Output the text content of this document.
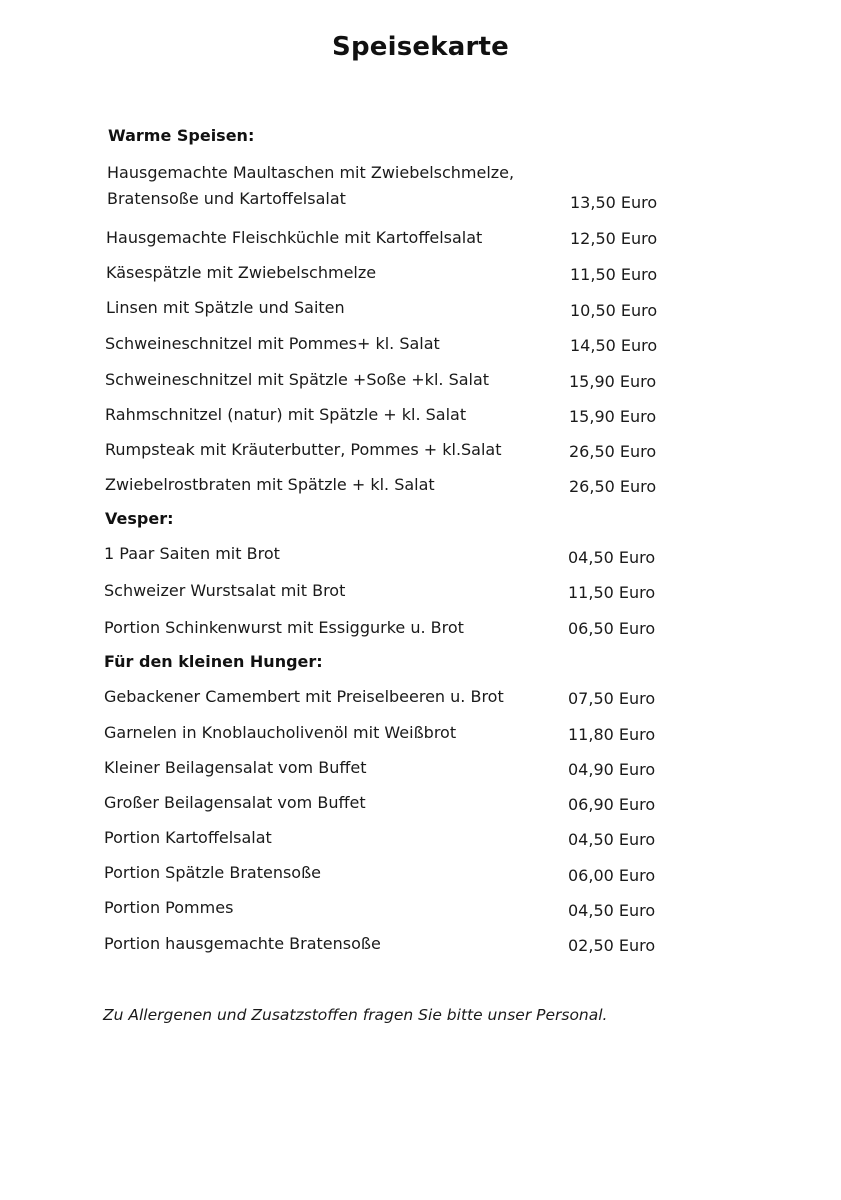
Speisekarte
Warme Speisen:
Hausgemachte Maultaschen mit Zwiebelschmelze,
Bratensoße und Kartoffelsalat	13,50 Euro
Hausgemachte Fleischküchle mit Kartoffelsalat	12,50 Euro
Käsespätzle mit Zwiebelschmelze	11,50 Euro
Linsen mit Spätzle und Saiten	10,50 Euro
Schweineschnitzel mit Pommes+ kl. Salat	14,50 Euro
Schweineschnitzel mit Spätzle +Soße +kl. Salat	15,90 Euro
Rahmschnitzel (natur) mit Spätzle + kl. Salat	15,90 Euro
Rumpsteak mit Kräuterbutter, Pommes + kl.Salat	26,50 Euro
Zwiebelrostbraten mit Spätzle + kl. Salat	26,50 Euro
Vesper:
1 Paar Saiten mit Brot	04,50 Euro
Schweizer Wurstsalat mit Brot	11,50 Euro
Portion Schinkenwurst mit Essiggurke u. Brot	06,50 Euro
Für den kleinen Hunger:
Gebackener Camembert mit Preiselbeeren u. Brot	07,50 Euro
Garnelen in Knoblaucholivenöl mit Weißbrot	11,80 Euro
Kleiner Beilagensalat vom Buffet	04,90 Euro
Großer Beilagensalat vom Buffet	06,90 Euro
Portion Kartoffelsalat	04,50 Euro
Portion Spätzle Bratensoße	06,00 Euro
Portion Pommes	04,50 Euro
Portion hausgemachte Bratensoße	02,50 Euro
Zu Allergenen und Zusatzstoffen fragen Sie bitte unser Personal.
